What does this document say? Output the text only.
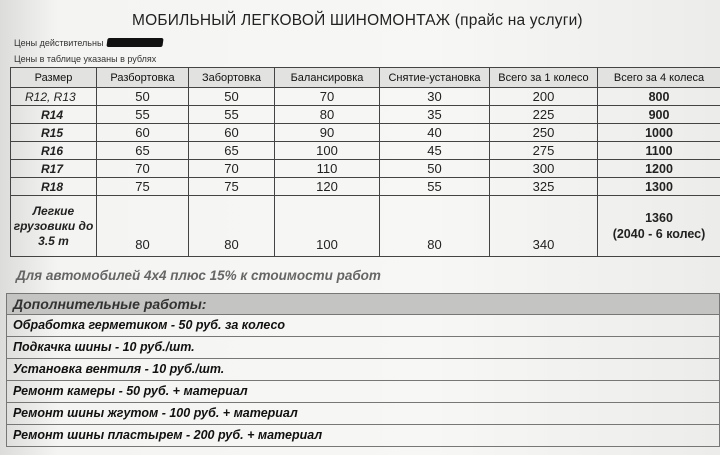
МОБИЛЬНЫЙ ЛЕГКОВОЙ ШИНОМОНТАЖ (прайс на услуги)
Цены действительны
Цены в таблице указаны в рублях
Размер	Разбортовка	Забортовка	Балансировка	Снятие-установка	Всего за 1 колесо	Всего за 4 колеса
R12, R13	50	50	70	30	200	800
R14	55	55	80	35	225	900
R15	60	60	90	40	250	1000
R16	65	65	100	45	275	1100
R17	70	70	110	50	300	1200
R18	75	75	120	55	325	1300
Легкие грузовики до 3.5 т	80	80	100	80	340	1360
(2040 - 6 колес)
Для автомобилей 4х4 плюс 15% к стоимости работ
Дополнительные работы:
Обработка герметиком - 50 руб. за колесо
Подкачка шины - 10 руб./шт.
Установка вентиля - 10 руб./шт.
Ремонт камеры - 50 руб. + материал
Ремонт шины жгутом - 100 руб. + материал
Ремонт шины пластырем - 200 руб. + материал
